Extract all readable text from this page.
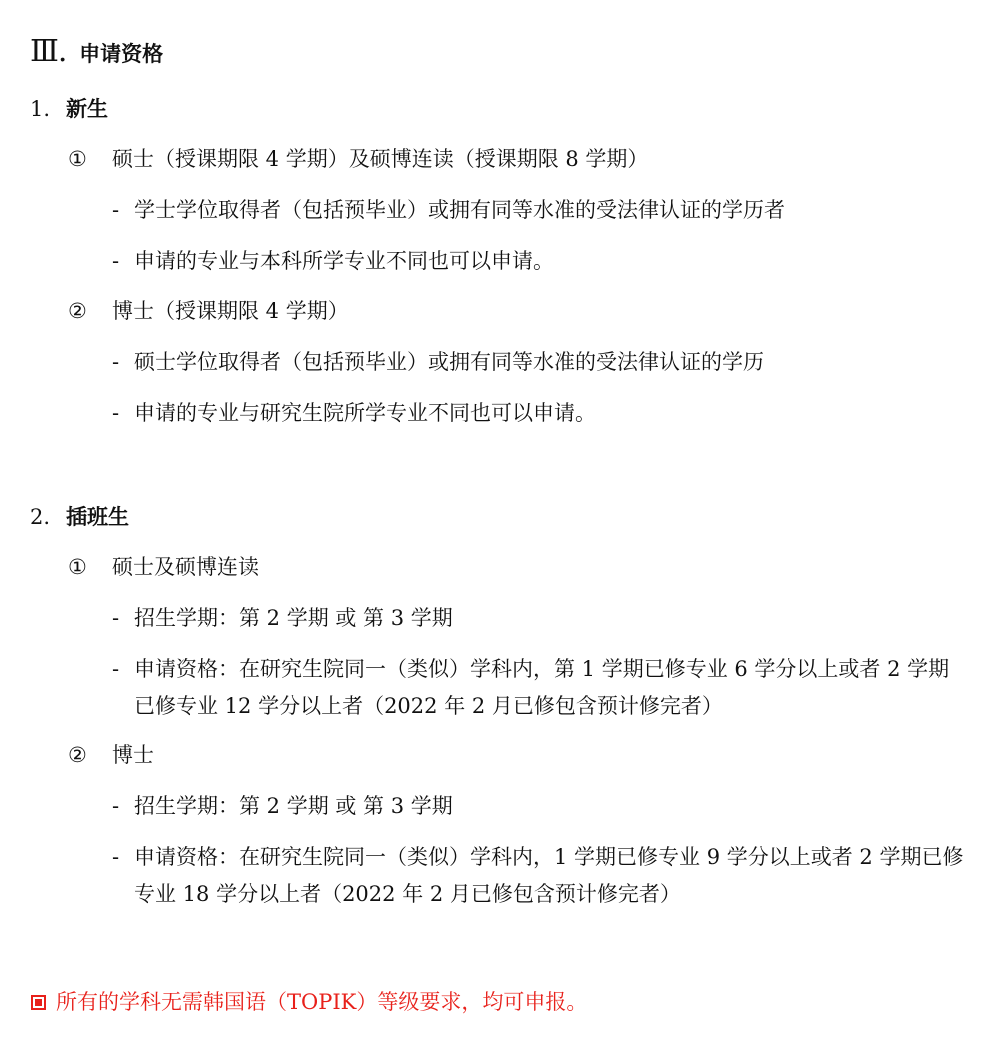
Ⅲ. 申请资格
1. 新生
① 硕士（授课期限 4 学期）及硕博连读（授课期限 8 学期）
- 学士学位取得者（包括预毕业）或拥有同等水准的受法律认证的学历者
- 申请的专业与本科所学专业不同也可以申请。
② 博士（授课期限 4 学期）
- 硕士学位取得者（包括预毕业）或拥有同等水准的受法律认证的学历
- 申请的专业与研究生院所学专业不同也可以申请。
2. 插班生
① 硕士及硕博连读
- 招生学期：第 2 学期 或 第 3 学期
- 申请资格：在研究生院同一（类似）学科内，第 1 学期已修专业 6 学分以上或者 2 学期已修专业 12 学分以上者（2022 年 2 月已修包含预计修完者）
② 博士
- 招生学期：第 2 学期 或 第 3 学期
- 申请资格：在研究生院同一（类似）学科内，1 学期已修专业 9 学分以上或者 2 学期已修专业 18 学分以上者（2022 年 2 月已修包含预计修完者）
所有的学科无需韩国语（TOPIK）等级要求，均可申报。
